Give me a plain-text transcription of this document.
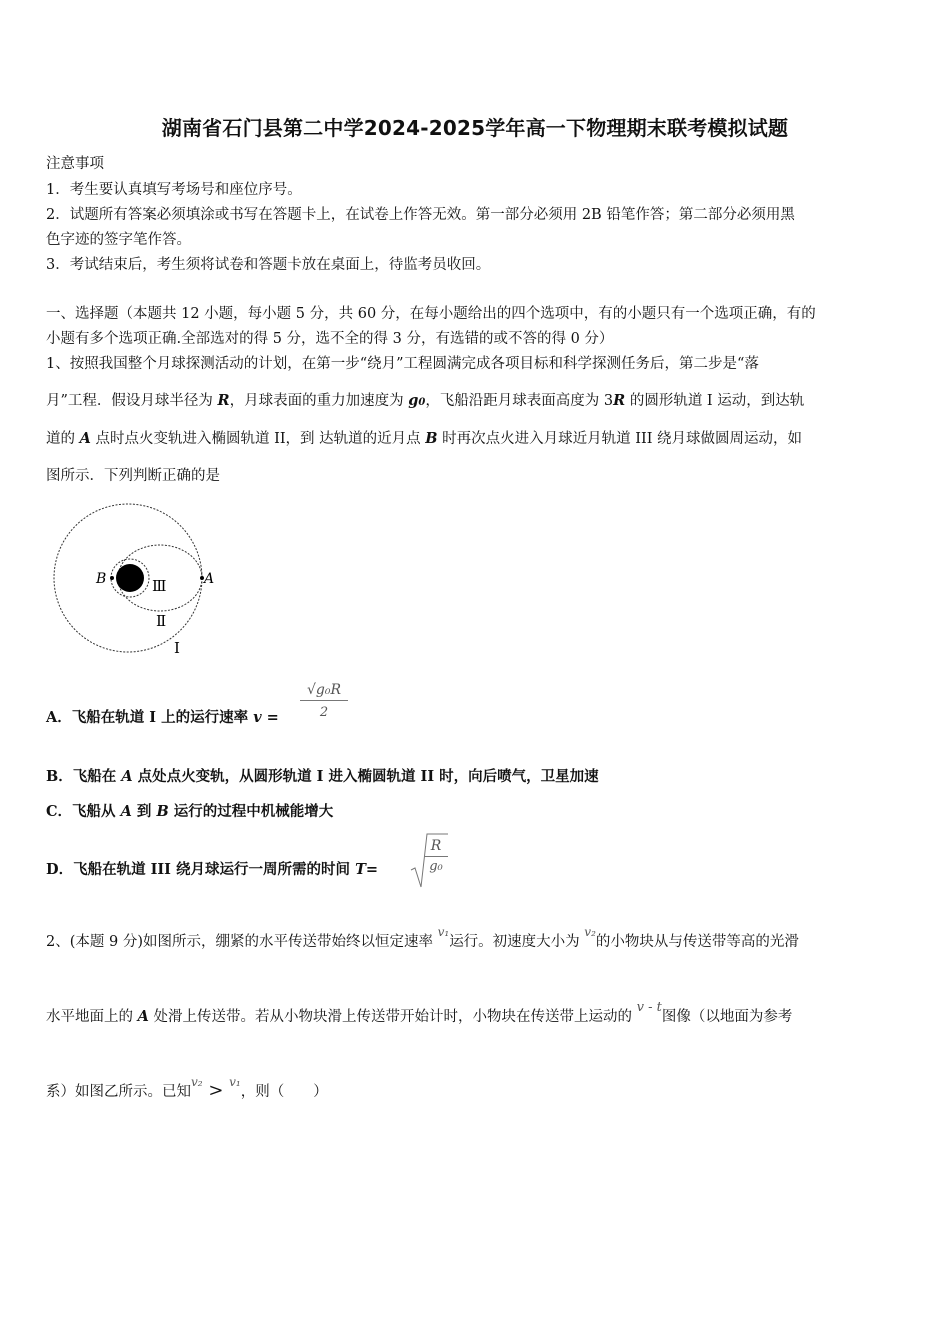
湖南省石门县第二中学2024-2025学年高一下物理期末联考模拟试题
注意事项
1．考生要认真填写考场号和座位序号。
2．试题所有答案必须填涂或书写在答题卡上，在试卷上作答无效。第一部分必须用 2B 铅笔作答；第二部分必须用黑
色字迹的签字笔作答。
3．考试结束后，考生须将试卷和答题卡放在桌面上，待监考员收回。
一、选择题（本题共 12 小题，每小题 5 分，共 60 分，在每小题给出的四个选项中，有的小题只有一个选项正确，有的
小题有多个选项正确.全部选对的得 5 分，选不全的得 3 分，有选错的或不答的得 0 分）
1、按照我国整个月球探测活动的计划，在第一步“绕月”工程圆满完成各项目标和科学探测任务后，第二步是“落
月”工程．假设月球半径为 R，月球表面的重力加速度为 g0，飞船沿距月球表面高度为 3R 的圆形轨道 I 运动，到达轨
道的 A 点时点火变轨进入椭圆轨道 II，到 达轨道的近月点 B 时再次点火进入月球近月轨道 III 绕月球做圆周运动，如
图所示．下列判断正确的是
B	A
Ⅲ
Ⅱ
I
A．飞船在轨道 I 上的运行速率 $v = \frac{\text{√g₀R}}{2}$
B．飞船在 A 点处点火变轨，从圆形轨道 I 进入椭圆轨道 II 时，向后喷气，卫星加速
C．飞船从 A 到 B 运行的过程中机械能增大
D．飞船在轨道 III 绕月球运行一周所需的时间 T=	$\frac{R}{\text{g₀}}$
2、(本题 9 分)如图所示，绷紧的水平传送带始终以恒定速率 $^{v_1}$运行。初速度大小为 $^{v_2}$的小物块从与传送带等高的光滑
水平地面上的 A 处滑上传送带。若从小物块滑上传送带开始计时，小物块在传送带上运动的 v - t图像（以地面为参考
系）如图乙所示。已知$^{v_2}$ > $^{v_1}$，则（　　）
